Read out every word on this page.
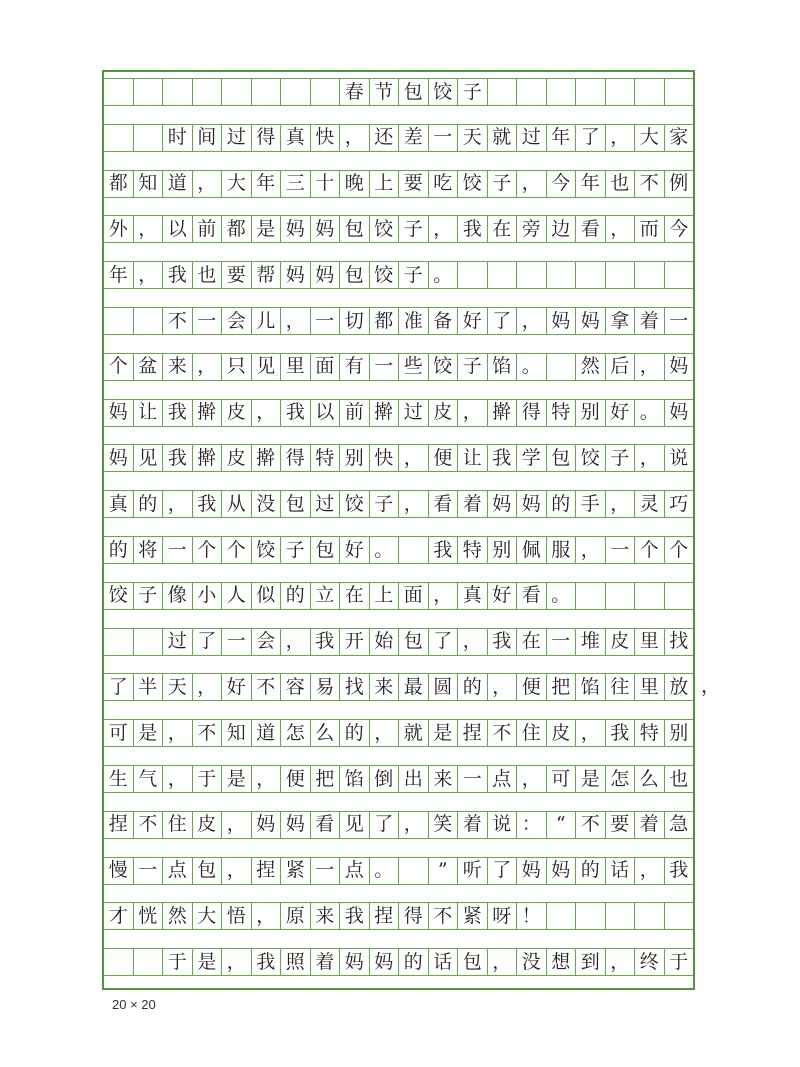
春 节 包 饺 子
时 间 过 得 真 快 ， 还 差 一 天 就 过 年 了 ， 大 家
都 知 道 ， 大 年 三 十 晚 上 要 吃 饺 子 ， 今 年 也 不 例
外 ， 以 前 都 是 妈 妈 包 饺 子 ， 我 在 旁 边 看 ， 而 今
年 ， 我 也 要 帮 妈 妈 包 饺 子 。
不 一 会 儿 ， 一 切 都 准 备 好 了 ， 妈 妈 拿 着 一
个 盆 来 ， 只 见 里 面 有 一 些 饺 子 馅 。	然 后 ， 妈
妈 让 我 擀 皮 ， 我 以 前 擀 过 皮 ， 擀 得 特 别 好 。 妈
妈 见 我 擀 皮 擀 得 特 别 快 ， 便 让 我 学 包 饺 子 ， 说
真 的 ， 我 从 没 包 过 饺 子 ， 看 着 妈 妈 的 手 ， 灵 巧
的 将 一 个 个 饺 子 包 好 。	我 特 别 佩 服 ， 一 个 个
饺 子 像 小 人 似 的 立 在 上 面 ， 真 好 看 。
过 了 一 会 ， 我 开 始 包 了 ， 我 在 一 堆 皮 里 找
了 半 天 ， 好 不 容 易 找 来 最 圆 的 ， 便 把 馅 往 里 放
可 是 ， 不 知 道 怎 么 的 ， 就 是 捏 不 住 皮 ， 我 特 别
生 气 ， 于 是 ， 便 把 馅 倒 出 来 一 点 ， 可 是 怎 么 也
捏 不 住 皮 ， 妈 妈 看 见 了 ， 笑 着 说 ： “ 不 要 着 急
慢 一 点 包 ， 捏 紧 一 点 。	” 听 了 妈 妈 的 话 ， 我
才 恍 然 大 悟 ， 原 来 我 捏 得 不 紧 呀 ！
于 是 ， 我 照 着 妈 妈 的 话 包 ， 没 想 到 ， 终 于
，
20 × 20
